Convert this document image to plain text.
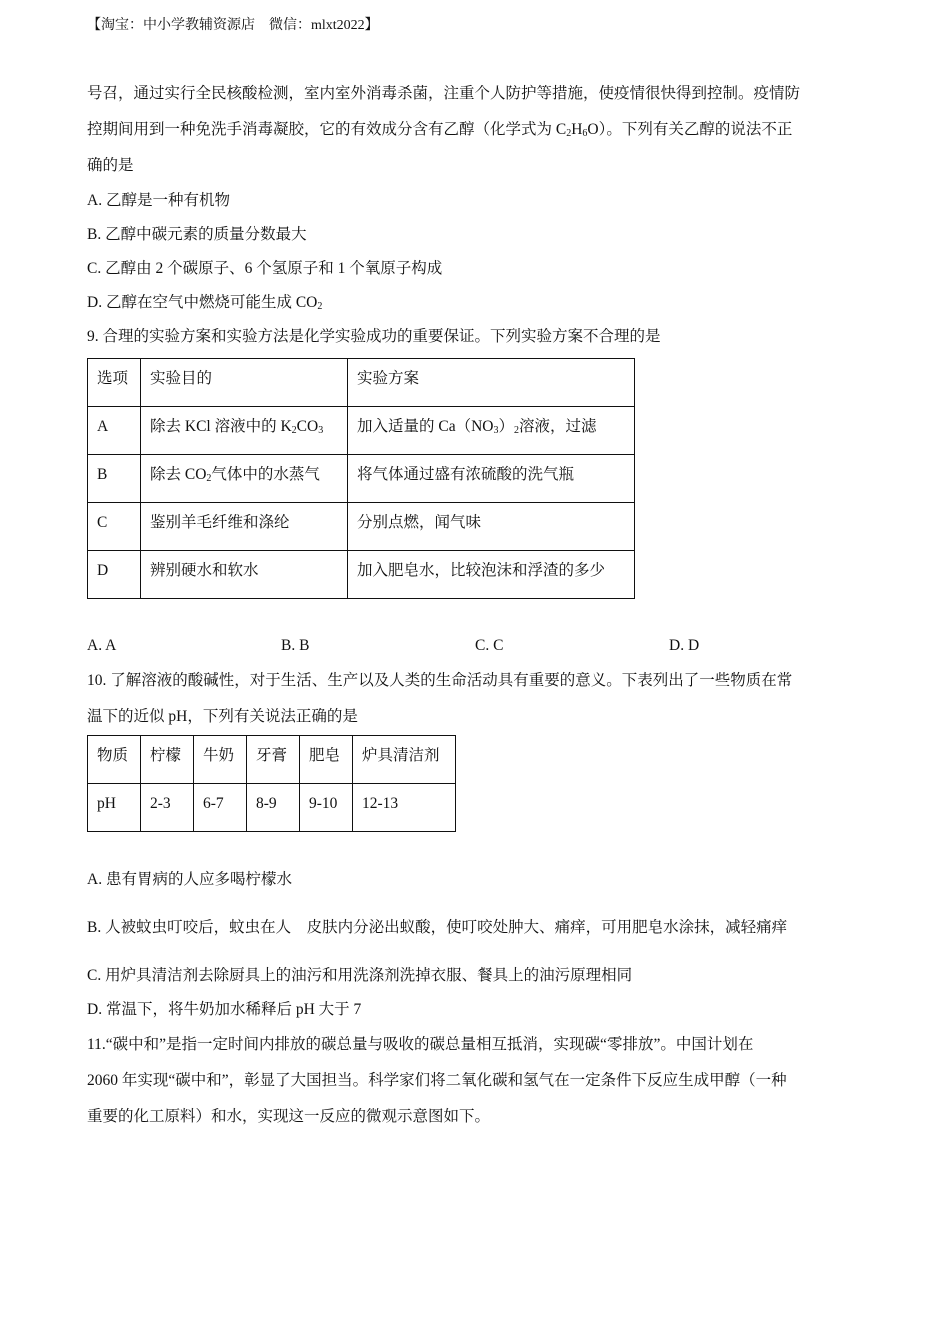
【淘宝：中小学教辅资源店　微信：mlxt2022】

号召，通过实行全民核酸检测，室内室外消毒杀菌，注重个人防护等措施，使疫情很快得到控制。疫情防

控期间用到一种免洗手消毒凝胶，它的有效成分含有乙醇（化学式为 $C_2H_6O$）。下列有关乙醇的说法不正

确的是

A. 乙醇是一种有机物

B. 乙醇中碳元素的质量分数最大

C. 乙醇由 2 个碳原子、6 个氢原子和 1 个氧原子构成

D. 乙醇在空气中燃烧可能生成 $CO_2$

9. 合理的实验方案和实验方法是化学实验成功的重要保证。下列实验方案不合理的是

选项	实验目的	实验方案
A	除去 KCl 溶液中的 $K_2CO_3$	加入适量的 $Ca(NO_3)_2$溶液，过滤
B	除去 $CO_2$气体中的水蒸气	将气体通过盛有浓硫酸的洗气瓶
C	鉴别羊毛纤维和涤纶	分别点燃，闻气味
D	辨别硬水和软水	加入肥皂水，比较泡沫和浮渣的多少
A. A	B. B	C. C	D. D

10. 了解溶液的酸碱性，对于生活、生产以及人类的生命活动具有重要的意义。下表列出了一些物质在常

温下的近似 pH，下列有关说法正确的是

物质	柠檬	牛奶	牙膏	肥皂	炉具清洁剂
pH	2-3	6-7	8-9	9-10	12-13

A. 患有胃病的人应多喝柠檬水

B. 人被蚊虫叮咬后，蚊虫在人　皮肤内分泌出蚁酸，使叮咬处肿大、痛痒，可用肥皂水涂抹，减轻痛痒

C. 用炉具清洁剂去除厨具上的油污和用洗涤剂洗掉衣服、餐具上的油污原理相同

D. 常温下，将牛奶加水稀释后 pH 大于 7

11.“碳中和”是指一定时间内排放的碳总量与吸收的碳总量相互抵消，实现碳“零排放”。中国计划在

2060 年实现“碳中和”，彰显了大国担当。科学家们将二氧化碳和氢气在一定条件下反应生成甲醇（一种

重要的化工原料）和水，实现这一反应的微观示意图如下。
